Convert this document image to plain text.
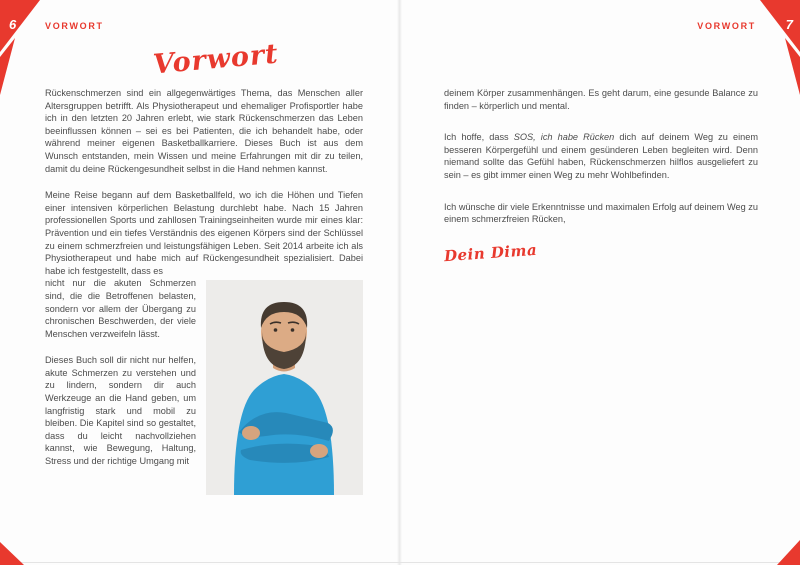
6	7
VORWORT	VORWORT
Vorwort

Rückenschmerzen sind ein allgegenwärtiges Thema, das Menschen aller Altersgruppen betrifft. Als Physiotherapeut und ehemaliger Profisportler habe ich in den letzten 20 Jahren erlebt, wie stark Rückenschmerzen das Leben beeinflussen können – sei es bei Patienten, die ich behandelt habe, oder während meiner eigenen Basketballkarriere. Dieses Buch ist aus dem Wunsch entstanden, mein Wissen und meine Erfahrungen mit dir zu teilen, damit du deine Rückengesundheit selbst in die Hand nehmen kannst.

Meine Reise begann auf dem Basketballfeld, wo ich die Höhen und Tiefen einer intensiven körperlichen Belastung durchlebt habe. Nach 15 Jahren professionellen Sports und zahllosen Trainingseinheiten wurde mir eines klar: Prävention und ein tiefes Verständnis des eigenen Körpers sind der Schlüssel zu einem schmerzfreien und leistungsfähigen Leben. Seit 2014 arbeite ich als Physiotherapeut und habe mich auf Rückengesundheit spezialisiert. Dabei habe ich festgestellt, dass es

nicht nur die akuten Schmerzen sind, die die Betroffenen belasten, sondern vor allem der Übergang zu chronischen Beschwerden, der viele Menschen verzweifeln lässt.

Dieses Buch soll dir nicht nur helfen, akute Schmerzen zu verstehen und zu lindern, sondern dir auch Werkzeuge an die Hand geben, um langfristig stark und mobil zu bleiben. Die Kapitel sind so gestaltet, dass du leicht nachvollziehen kannst, wie Bewegung, Haltung, Stress und der richtige Umgang mit

deinem Körper zusammenhängen. Es geht darum, eine gesunde Balance zu finden – körperlich und mental.

Ich hoffe, dass SOS, ich habe Rücken dich auf deinem Weg zu einem besseren Körpergefühl und einem gesünderen Leben begleiten wird. Denn niemand sollte das Gefühl haben, Rückenschmerzen hilflos ausgeliefert zu sein – es gibt immer einen Weg zu mehr Wohlbefinden.

Ich wünsche dir viele Erkenntnisse und maximalen Erfolg auf deinem Weg zu einem schmerzfreien Rücken,

Dein Dima
